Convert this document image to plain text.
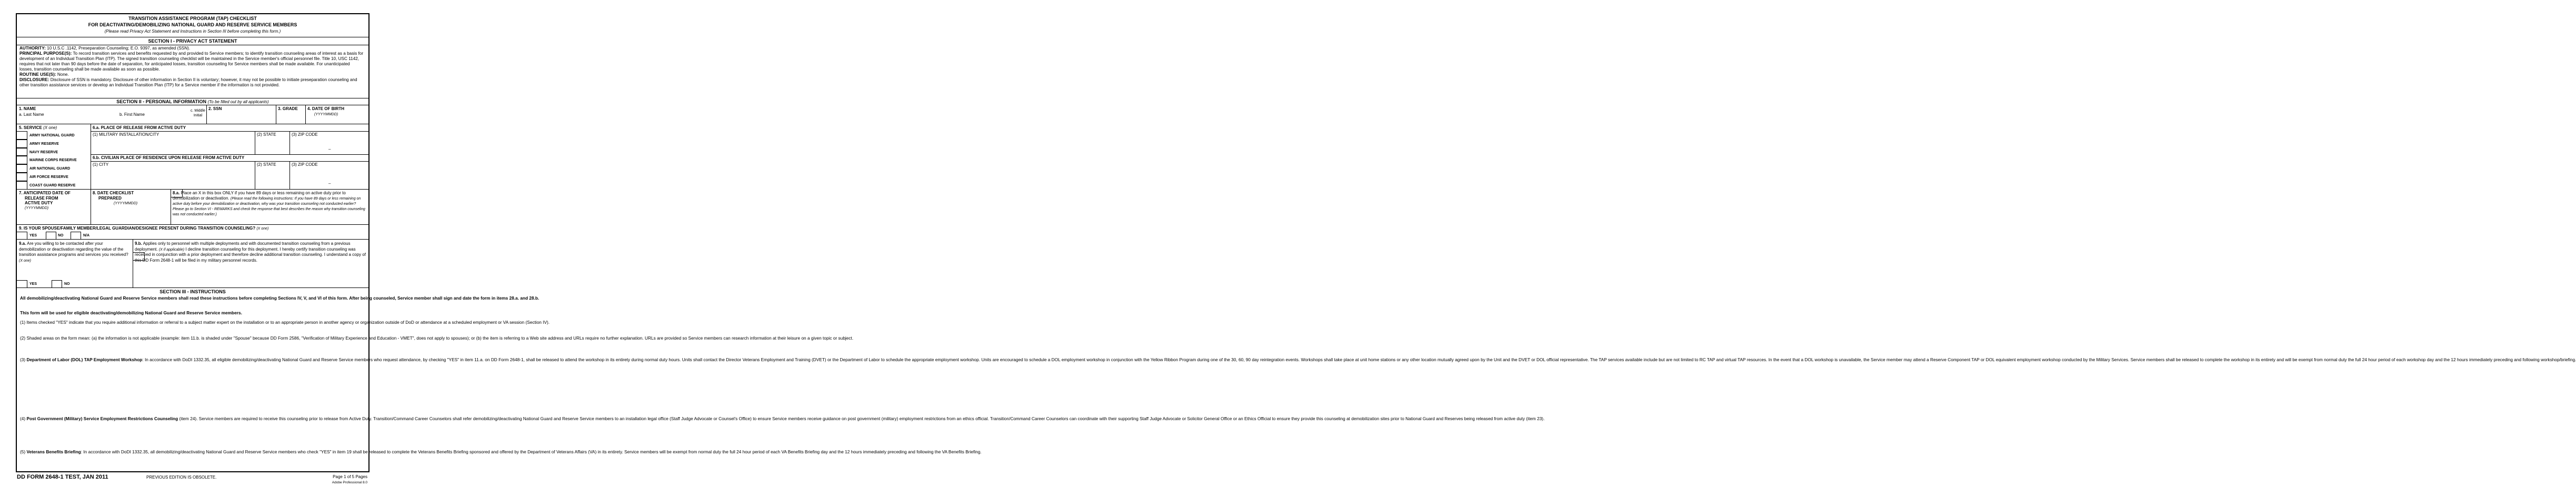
TRANSITION ASSISTANCE PROGRAM (TAP) CHECKLIST
FOR DEACTIVATING/DEMOBILIZING NATIONAL GUARD AND RESERVE SERVICE MEMBERS
(Please read Privacy Act Statement and Instructions in Section III before completing this form.)
SECTION I - PRIVACY ACT STATEMENT

AUTHORITY: 10 U.S.C .1142, Preseparation Counseling; E.O. 9397, as amended (SSN).

PRINCIPAL PURPOSE(S): To record transition services and benefits requested by and provided to Service members; to identify transition counseling areas of interest as a basis for development of an Individual Transition Plan (ITP). The signed transition counseling checklist will be maintained in the Service member's official personnel file. Title 10, USC 1142, requires that not later than 90 days before the date of separation, for anticipated losses, transition counseling for Service members shall be made available. For unanticipated losses, transition counseling shall be made available as soon as possible.

ROUTINE USE(S): None.

DISCLOSURE: Disclosure of SSN is mandatory. Disclosure of other information in Section II is voluntary; however, it may not be possible to initiate preseparation counseling and other transition assistance services or develop an Individual Transition Plan (ITP) for a Service member if the information is not provided.

SECTION II - PERSONAL INFORMATION (To be filled out by all applicants)
1. NAME
a. Last Name	b. First Name
c. Middle Initial
2. SSN	3. GRADE 4. DATE OF BIRTH
(YYYYMMDD)
5. SERVICE (X one)
ARMY NATIONAL GUARD
ARMY RESERVE
NAVY RESERVE
MARINE CORPS RESERVE
AIR NATIONAL GUARD
AIR FORCE RESERVE
COAST GUARD RESERVE
6.a. PLACE OF RELEASE FROM ACTIVE DUTY
(1) MILITARY INSTALLATION/CITY	(2) STATE	(3) ZIP CODE
–
6.b. CIVILIAN PLACE OF RESIDENCE UPON RELEASE FROM ACTIVE DUTY
(1) CITY	(2) STATE	(3) ZIP CODE
–
7. ANTICIPATED DATE OF
RELEASE FROM
ACTIVE DUTY
(YYYYMMDD)
8. DATE CHECKLIST
PREPARED
(YYYYMMDD)
8.a. Place an X in this box ONLY if you have 89 days or less remaining on active duty prior to demobilization or deactivation. (Please read the following instructions: If you have 89 days or less remaining on active duty before your demobilization or deactivation, why was your transition counseling not conducted earlier? Please go to Section VI - REMARKS and check the response that best describes the reason why transition counseling was not conducted earlier.)
9. IS YOUR SPOUSE/FAMILY MEMBER/LEGAL GUARDIAN/DESIGNEE PRESENT DURING TRANSITION COUNSELING? (X one)
YES	NO	N/A
9.a. Are you willing to be contacted after your demobilization or deactivation regarding the value of the transition assistance programs and services you received? (X one)
YES	NO
9.b. Applies only to personnel with multiple deployments and with documented transition counseling from a previous deployment. (X if applicable) I decline transition counseling for this deployment. I hereby certify transition counseling was received in conjunction with a prior deployment and therefore decline additional transition counseling. I understand a copy of this DD Form 2648-1 will be filed in my military personnel records.
SECTION III - INSTRUCTIONS
All demobilizing/deactivating National Guard and Reserve Service members shall read these instructions before completing Sections IV, V, and VI of this form. After being counseled, Service member shall sign and date the form in items 28.a. and 28.b.
This form will be used for eligible deactivating/demobilizing National Guard and Reserve Service members.
(1) Items checked "YES" indicate that you require additional information or referral to a subject matter expert on the installation or to an appropriate person in another agency or organization outside of DoD or attendance at a scheduled employment or VA session (Section IV).
(2) Shaded areas on the form mean: (a) the information is not applicable (example: item 11.b. is shaded under "Spouse" because DD Form 2586, "Verification of Military Experience and Education - VMET", does not apply to spouses); or (b) the item is referring to a Web site address and URLs require no further explanation. URLs are provided so Service members can research information at their leisure on a given topic or subject.
(3) Department of Labor (DOL) TAP Employment Workshop: In accordance with DoDI 1332.35, all eligible demobilizing/deactivating National Guard and Reserve Service members who request attendance, by checking "YES" in item 11.a. on DD Form 2648-1, shall be released to attend the workshop in its entirety during normal duty hours. Units shall contact the Director Veterans Employment and Training (DVET) or the Department of Labor to schedule the appropriate employment workshop. Units are encouraged to schedule a DOL employment workshop in conjunction with the Yellow Ribbon Program during one of the 30, 60, 90 day reintegration events. Workshops shall take place at unit home stations or any other location mutually agreed upon by the Unit and the DVET or DOL official representative. The TAP services available include but are not limited to RC TAP and virtual TAP resources. In the event that a DOL workshop is unavailable, the Service member may attend a Reserve Component TAP or DOL equivalent employment workshop conducted by the Military Services. Service members shall be released to complete the workshop in its entirety and will be exempt from normal duty the full 24 hour period of each workshop day and the 12 hours immediately preceding and following workshop/briefing.
(4) Post Government (Military) Service Employment Restrictions Counseling (item 24). Service members are required to receive this counseling prior to release from Active Duty. Transition/Command Career Counselors shall refer demobilizing/deactivating National Guard and Reserve Service members to an installation legal office (Staff Judge Advocate or Counsel's Office) to ensure Service members receive guidance on post government (military) employment restrictions from an ethics official. Transition/Command Career Counselors can coordinate with their supporting Staff Judge Advocate or Solicitor General Office or an Ethics Official to ensure they provide this counseling at demobilization sites prior to National Guard and Reserves being released from active duty (item 23).
(5) Veterans Benefits Briefing: In accordance with DoDI 1332.35, all demobilizing/deactivating National Guard and Reserve Service members who check "YES" in item 19 shall be released to complete the Veterans Benefits Briefing sponsored and offered by the Department of Veterans Affairs (VA) in its entirety. Service members will be exempt from normal duty the full 24 hour period of each VA Benefits Briefing day and the 12 hours immediately preceding and following the VA Benefits Briefing.
DD FORM 2648-1 TEST, JAN 2011	PREVIOUS EDITION IS OBSOLETE.	Page 1 of 5 Pages
Adobe Professional 8.0
